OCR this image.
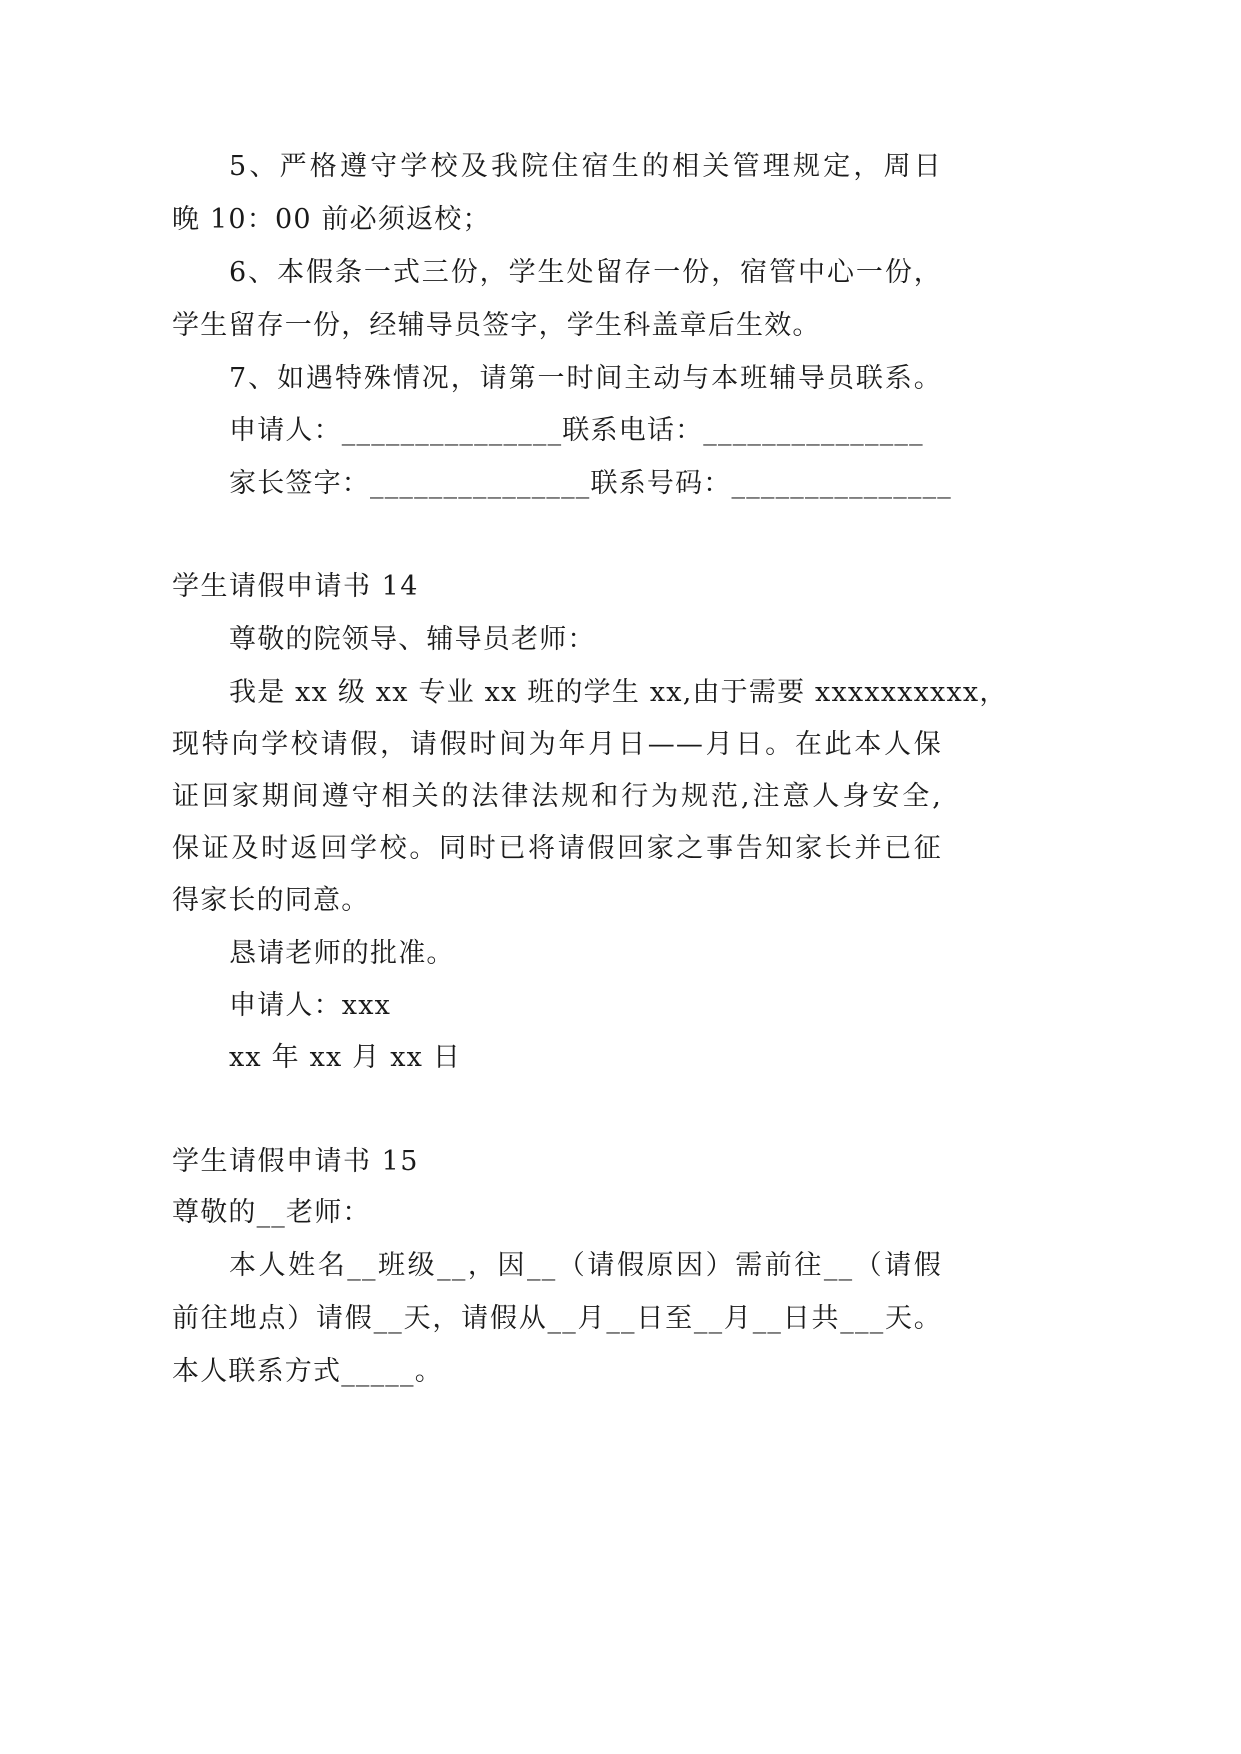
5、严格遵守学校及我院住宿生的相关管理规定，周日
晚 10：00 前必须返校；
6、本假条一式三份，学生处留存一份，宿管中心一份，
学生留存一份，经辅导员签字，学生科盖章后生效。
7、如遇特殊情况，请第一时间主动与本班辅导员联系。
申请人：_______________联系电话：_______________
家长签字：_______________联系号码：_______________
学生请假申请书 14
尊敬的院领导、辅导员老师：
我是 xx 级 xx 专业 xx 班的学生 xx,由于需要 xxxxxxxxxx，
现特向学校请假，请假时间为年月日——月日。在此本人保
证回家期间遵守相关的法律法规和行为规范,注意人身安全,
保证及时返回学校。同时已将请假回家之事告知家长并已征
得家长的同意。
恳请老师的批准。
申请人：xxx
xx 年 xx 月 xx 日
学生请假申请书 15
尊敬的__老师：
本人姓名__班级__，因__（请假原因）需前往__（请假
前往地点）请假__天，请假从__月__日至__月__日共___天。
本人联系方式_____。
